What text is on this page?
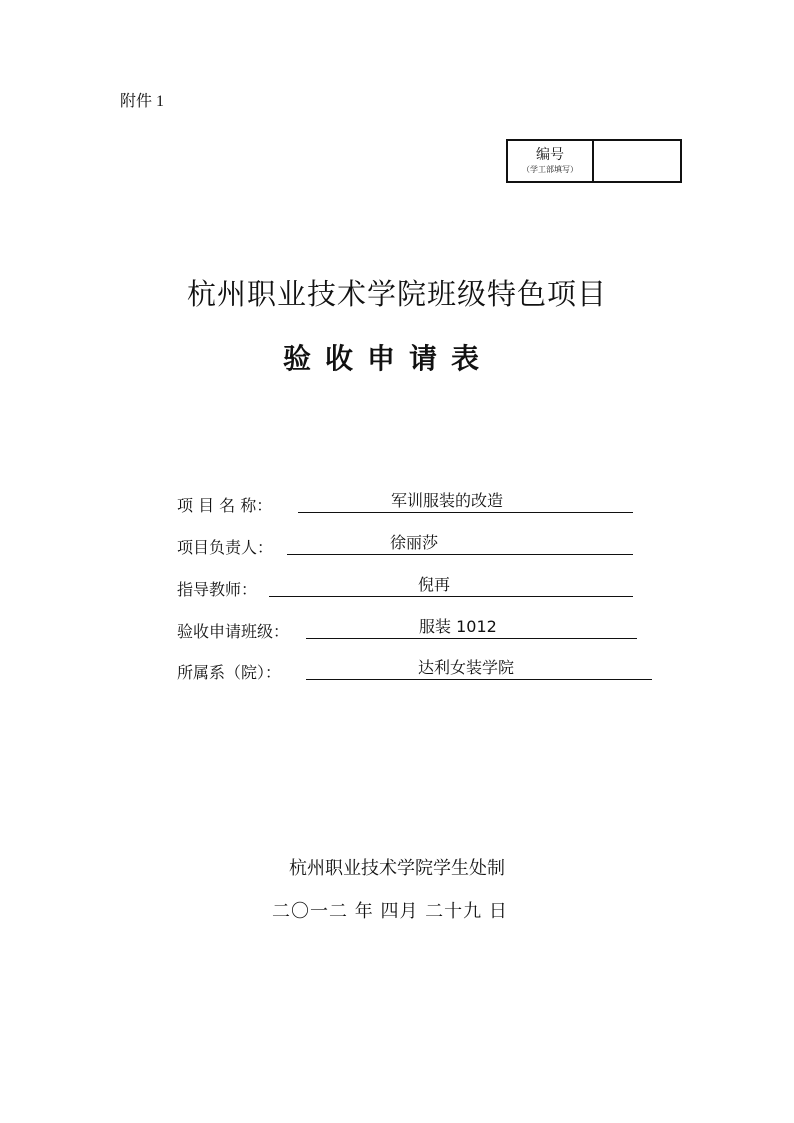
附件 1
编号
（学工部填写）
杭州职业技术学院班级特色项目
验收申请表
项 目 名 称：	军训服装的改造
项目负责人：	徐丽莎
指导教师：	倪再
验收申请班级：	服装 1012
所属系（院）：	达利女装学院
杭州职业技术学院学生处制
二〇一二 年 四月 二十九 日
